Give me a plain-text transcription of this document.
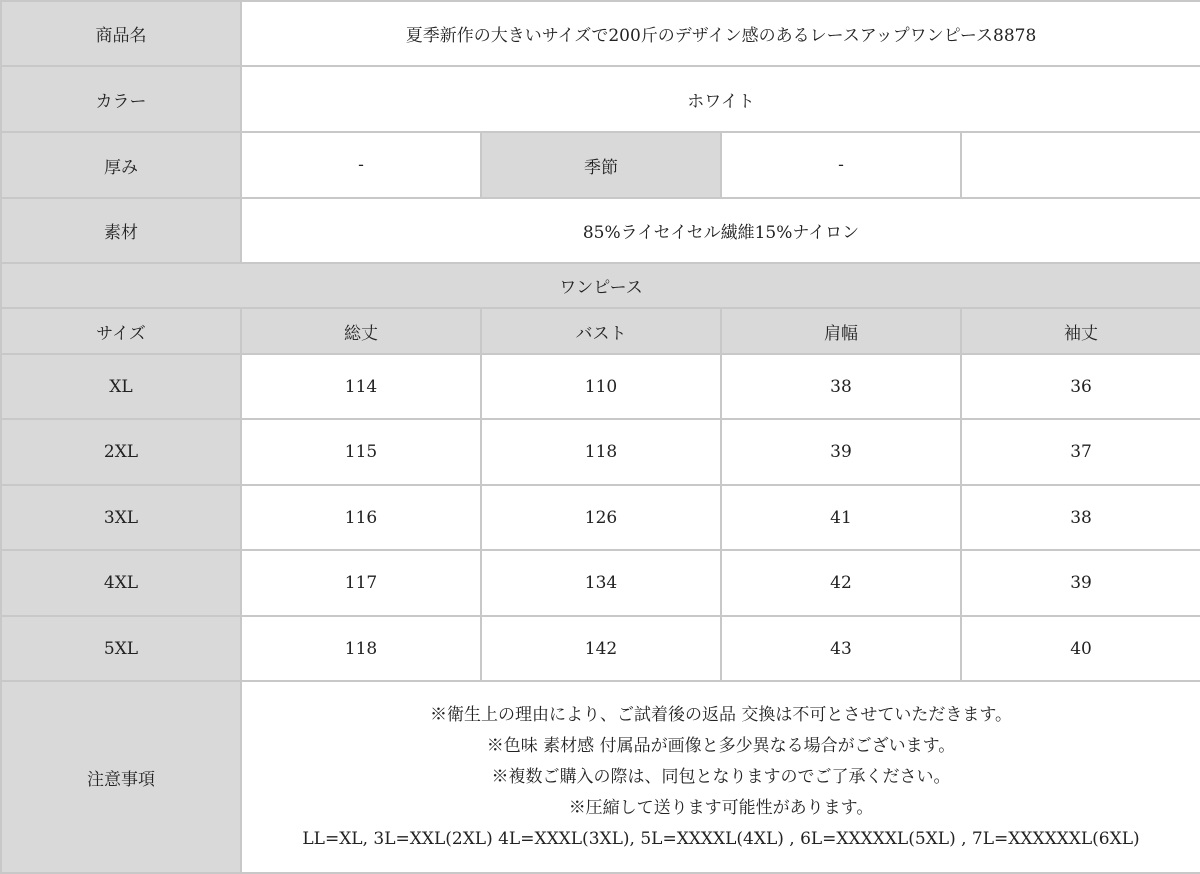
商品名	夏季新作の大きいサイズで200斤のデザイン感のあるレースアップワンピース8878			
カラー	ホワイト			
厚み	-	季節	-	
素材	85%ライセイセル繊維15%ナイロン			
ワンピース				
サイズ	総丈	バスト	肩幅	袖丈
XL	114	110	38	36
2XL	115	118	39	37
3XL	116	126	41	38
4XL	117	134	42	39
5XL	118	142	43	40
注意事項	※衛生上の理由により、ご試着後の返品 交換は不可とさせていただきます。
※色味 素材感 付属品が画像と多少異なる場合がございます。
※複数ご購入の際は、同包となりますのでご了承ください。
※圧縮して送ります可能性があります。
LL=XL, 3L=XXL(2XL) 4L=XXXL(3XL), 5L=XXXXL(4XL) , 6L=XXXXXL(5XL) , 7L=XXXXXXL(6XL)			
